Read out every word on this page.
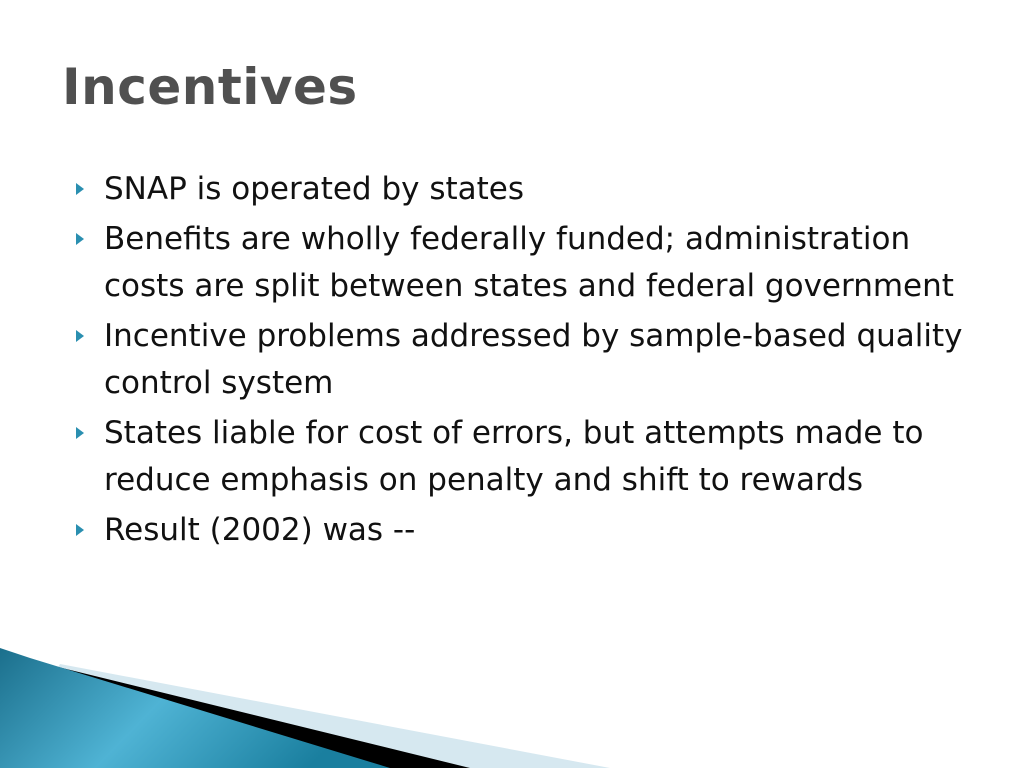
Incentives
SNAP is operated by states
Benefits are wholly federally funded; administration costs are split between states and federal government
Incentive problems addressed by sample-based quality control system
States liable for cost of errors, but attempts made to reduce emphasis on penalty and shift to rewards
Result (2002) was --
